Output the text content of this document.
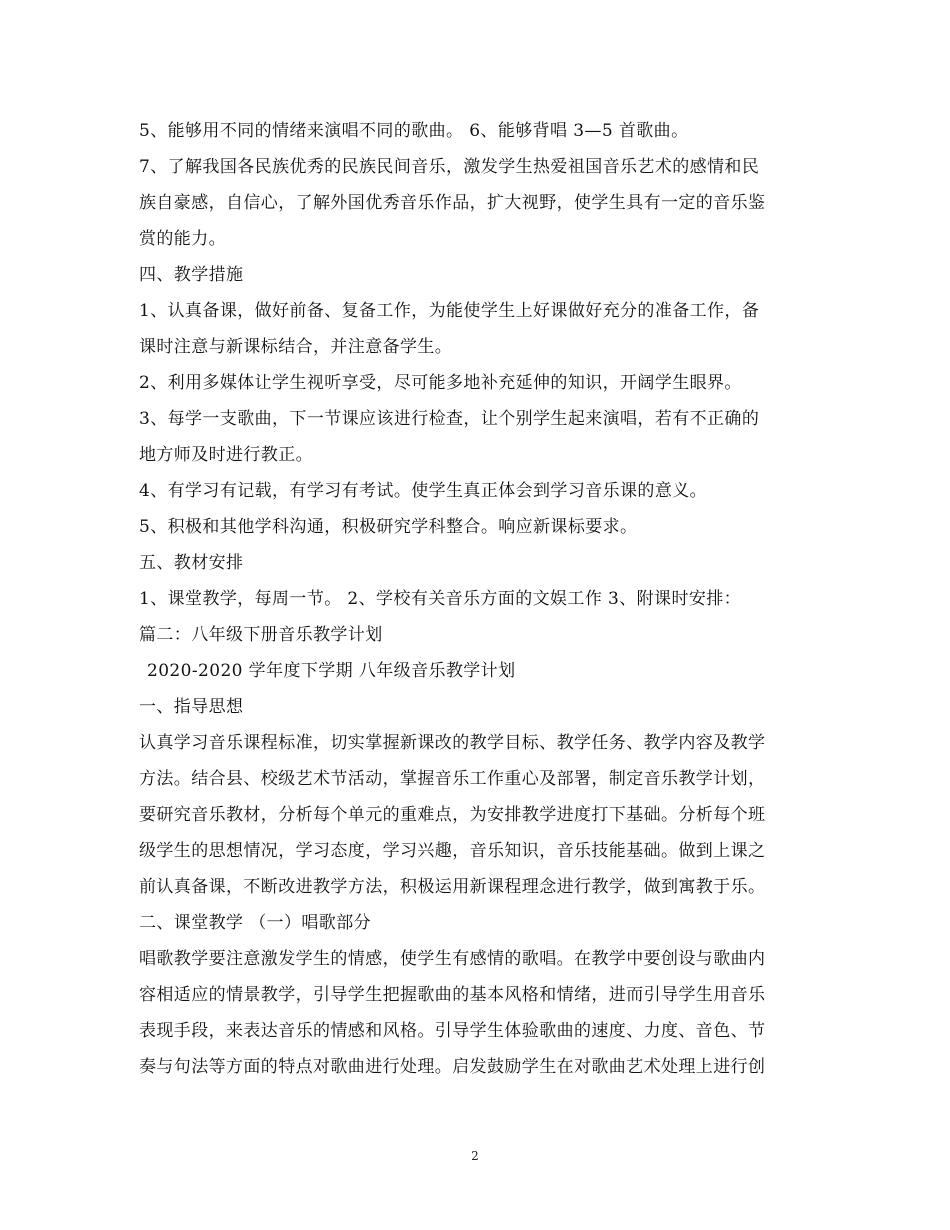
5、能够用不同的情绪来演唱不同的歌曲。 6、能够背唱 3—5 首歌曲。
7、了解我国各民族优秀的民族民间音乐，激发学生热爱祖国音乐艺术的感情和民
族自豪感，自信心，了解外国优秀音乐作品，扩大视野，使学生具有一定的音乐鉴
赏的能力。
四、教学措施
1、认真备课，做好前备、复备工作，为能使学生上好课做好充分的准备工作，备
课时注意与新课标结合，并注意备学生。
2、利用多媒体让学生视听享受，尽可能多地补充延伸的知识，开阔学生眼界。
3、每学一支歌曲，下一节课应该进行检查，让个别学生起来演唱，若有不正确的
地方师及时进行教正。
4、有学习有记载，有学习有考试。使学生真正体会到学习音乐课的意义。
5、积极和其他学科沟通，积极研究学科整合。响应新课标要求。
五、教材安排
1、课堂教学，每周一节。 2、学校有关音乐方面的文娱工作 3、附课时安排：
篇二：八年级下册音乐教学计划
2020-2020 学年度下学期 八年级音乐教学计划
一、指导思想
认真学习音乐课程标准，切实掌握新课改的教学目标、教学任务、教学内容及教学
方法。结合县、校级艺术节活动，掌握音乐工作重心及部署，制定音乐教学计划，
要研究音乐教材，分析每个单元的重难点，为安排教学进度打下基础。分析每个班
级学生的思想情况，学习态度，学习兴趣，音乐知识，音乐技能基础。做到上课之
前认真备课，不断改进教学方法，积极运用新课程理念进行教学，做到寓教于乐。
二、课堂教学 （一）唱歌部分
唱歌教学要注意激发学生的情感，使学生有感情的歌唱。在教学中要创设与歌曲内
容相适应的情景教学，引导学生把握歌曲的基本风格和情绪，进而引导学生用音乐
表现手段，来表达音乐的情感和风格。引导学生体验歌曲的速度、力度、音色、节
奏与句法等方面的特点对歌曲进行处理。启发鼓励学生在对歌曲艺术处理上进行创
2
